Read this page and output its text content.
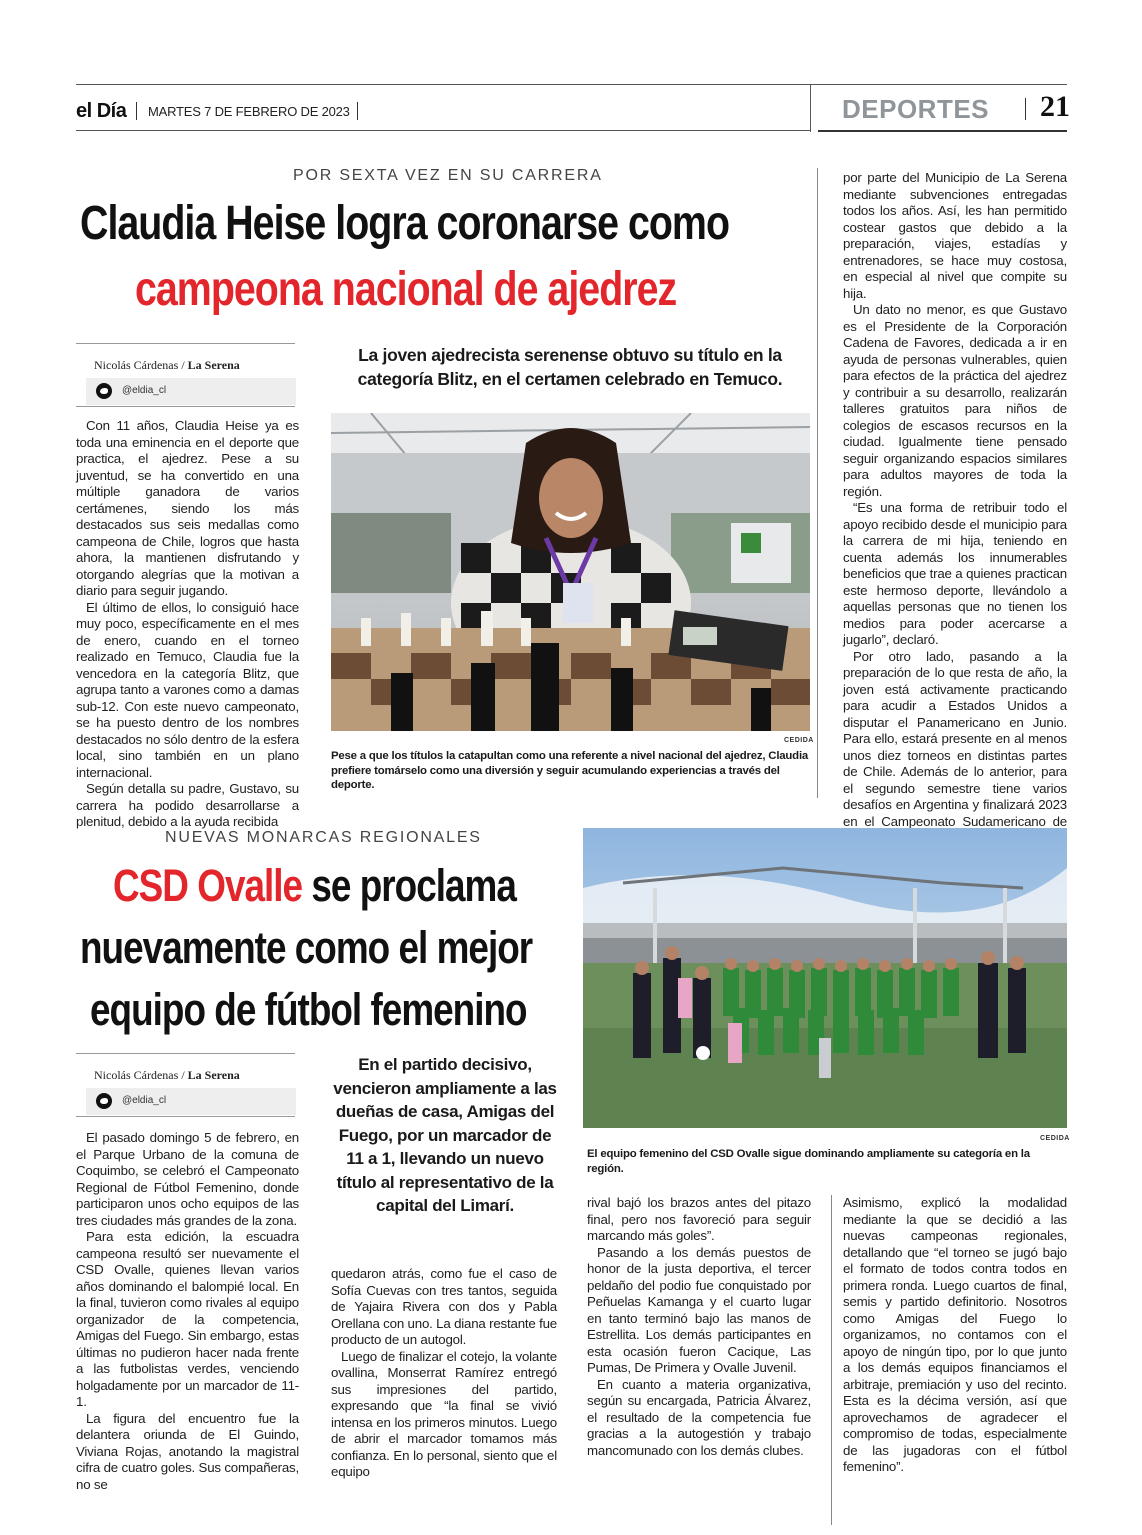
el Día MARTES 7 DE FEBRERO DE 2023	DEPORTES 21
POR SEXTA VEZ EN SU CARRERA
Claudia Heise logra coronarse como
campeona nacional de ajedrez
Nicolás Cárdenas / La Serena
@eldia_cl

Con 11 años, Claudia Heise ya es toda una eminencia en el deporte que practica, el ajedrez. Pese a su juventud, se ha convertido en una múltiple ganadora de varios certámenes, siendo los más destacados sus seis medallas como campeona de Chile, logros que hasta ahora, la mantienen disfrutando y otorgando alegrías que la motivan a diario para seguir jugando.

El último de ellos, lo consiguió hace muy poco, específicamente en el mes de enero, cuando en el torneo realizado en Temuco, Claudia fue la vencedora en la categoría Blitz, que agrupa tanto a varones como a damas sub-12. Con este nuevo campeonato, se ha puesto dentro de los nombres destacados no sólo dentro de la esfera local, sino también en un plano internacional.

Según detalla su padre, Gustavo, su carrera ha podido desarrollarse a plenitud, debido a la ayuda recibida

La joven ajedrecista serenense obtuvo su título en la categoría Blitz, en el certamen celebrado en Temuco.
CEDIDA
Pese a que los títulos la catapultan como una referente a nivel nacional del ajedrez, Claudia prefiere tomárselo como una diversión y seguir acumulando experiencias a través del deporte.

por parte del Municipio de La Serena mediante subvenciones entregadas todos los años. Así, les han permitido costear gastos que debido a la preparación, viajes, estadías y entrenadores, se hace muy costosa, en especial al nivel que compite su hija.

Un dato no menor, es que Gustavo es el Presidente de la Corporación Cadena de Favores, dedicada a ir en ayuda de personas vulnerables, quien para efectos de la práctica del ajedrez y contribuir a su desarrollo, realizarán talleres gratuitos para niños de colegios de escasos recursos en la ciudad. Igualmente tiene pensado seguir organizando espacios similares para adultos mayores de toda la región.

“Es una forma de retribuir todo el apoyo recibido desde el municipio para la carrera de mi hija, teniendo en cuenta además los innumerables beneficios que trae a quienes practican este hermoso deporte, llevándolo a aquellas personas que no tienen los medios para poder acercarse a jugarlo”, declaró.

Por otro lado, pasando a la preparación de lo que resta de año, la joven está activamente practicando para acudir a Estados Unidos a disputar el Panamericano en Junio. Para ello, estará presente en al menos unos diez torneos en distintas partes de Chile. Además de lo anterior, para el segundo semestre tiene varios desafíos en Argentina y finalizará 2023 en el Campeonato Sudamericano de

NUEVAS MONARCAS REGIONALES
CSD Ovalle se proclama
nuevamente como el mejor
equipo de fútbol femenino
Nicolás Cárdenas / La Serena
@eldia_cl

El pasado domingo 5 de febrero, en el Parque Urbano de la comuna de Coquimbo, se celebró el Campeonato Regional de Fútbol Femenino, donde participaron unos ocho equipos de las tres ciudades más grandes de la zona.

Para esta edición, la escuadra campeona resultó ser nuevamente el CSD Ovalle, quienes llevan varios años dominando el balompié local. En la final, tuvieron como rivales al equipo organizador de la competencia, Amigas del Fuego. Sin embargo, estas últimas no pudieron hacer nada frente a las futbolistas verdes, venciendo holgadamente por un marcador de 11-1.

La figura del encuentro fue la delantera oriunda de El Guindo, Viviana Rojas, anotando la magistral cifra de cuatro goles. Sus compañeras, no se

En el partido decisivo, vencieron ampliamente a las dueñas de casa, Amigas del Fuego, por un marcador de 11 a 1, llevando un nuevo título al representativo de la capital del Limarí.

quedaron atrás, como fue el caso de Sofía Cuevas con tres tantos, seguida de Yajaira Rivera con dos y Pabla Orellana con uno. La diana restante fue producto de un autogol.

Luego de finalizar el cotejo, la volante ovallina, Monserrat Ramírez entregó sus impresiones del partido, expresando que “la final se vivió intensa en los primeros minutos. Luego de abrir el marcador tomamos más confianza. En lo personal, siento que el equipo

CEDIDA
El equipo femenino del CSD Ovalle sigue dominando ampliamente su categoría en la región.

rival bajó los brazos antes del pitazo final, pero nos favoreció para seguir marcando más goles”.

Pasando a los demás puestos de honor de la justa deportiva, el tercer peldaño del podio fue conquistado por Peñuelas Kamanga y el cuarto lugar en tanto terminó bajo las manos de Estrellita. Los demás participantes en esta ocasión fueron Cacique, Las Pumas, De Primera y Ovalle Juvenil.

En cuanto a materia organizativa, según su encargada, Patricia Álvarez, el resultado de la competencia fue gracias a la autogestión y trabajo mancomunado con los demás clubes.

Asimismo, explicó la modalidad mediante la que se decidió a las nuevas campeonas regionales, detallando que “el torneo se jugó bajo el formato de todos contra todos en primera ronda. Luego cuartos de final, semis y partido definitorio. Nosotros como Amigas del Fuego lo organizamos, no contamos con el apoyo de ningún tipo, por lo que junto a los demás equipos financiamos el arbitraje, premiación y uso del recinto. Esta es la décima versión, así que aprovechamos de agradecer el compromiso de todas, especialmente de las jugadoras con el fútbol femenino”.
